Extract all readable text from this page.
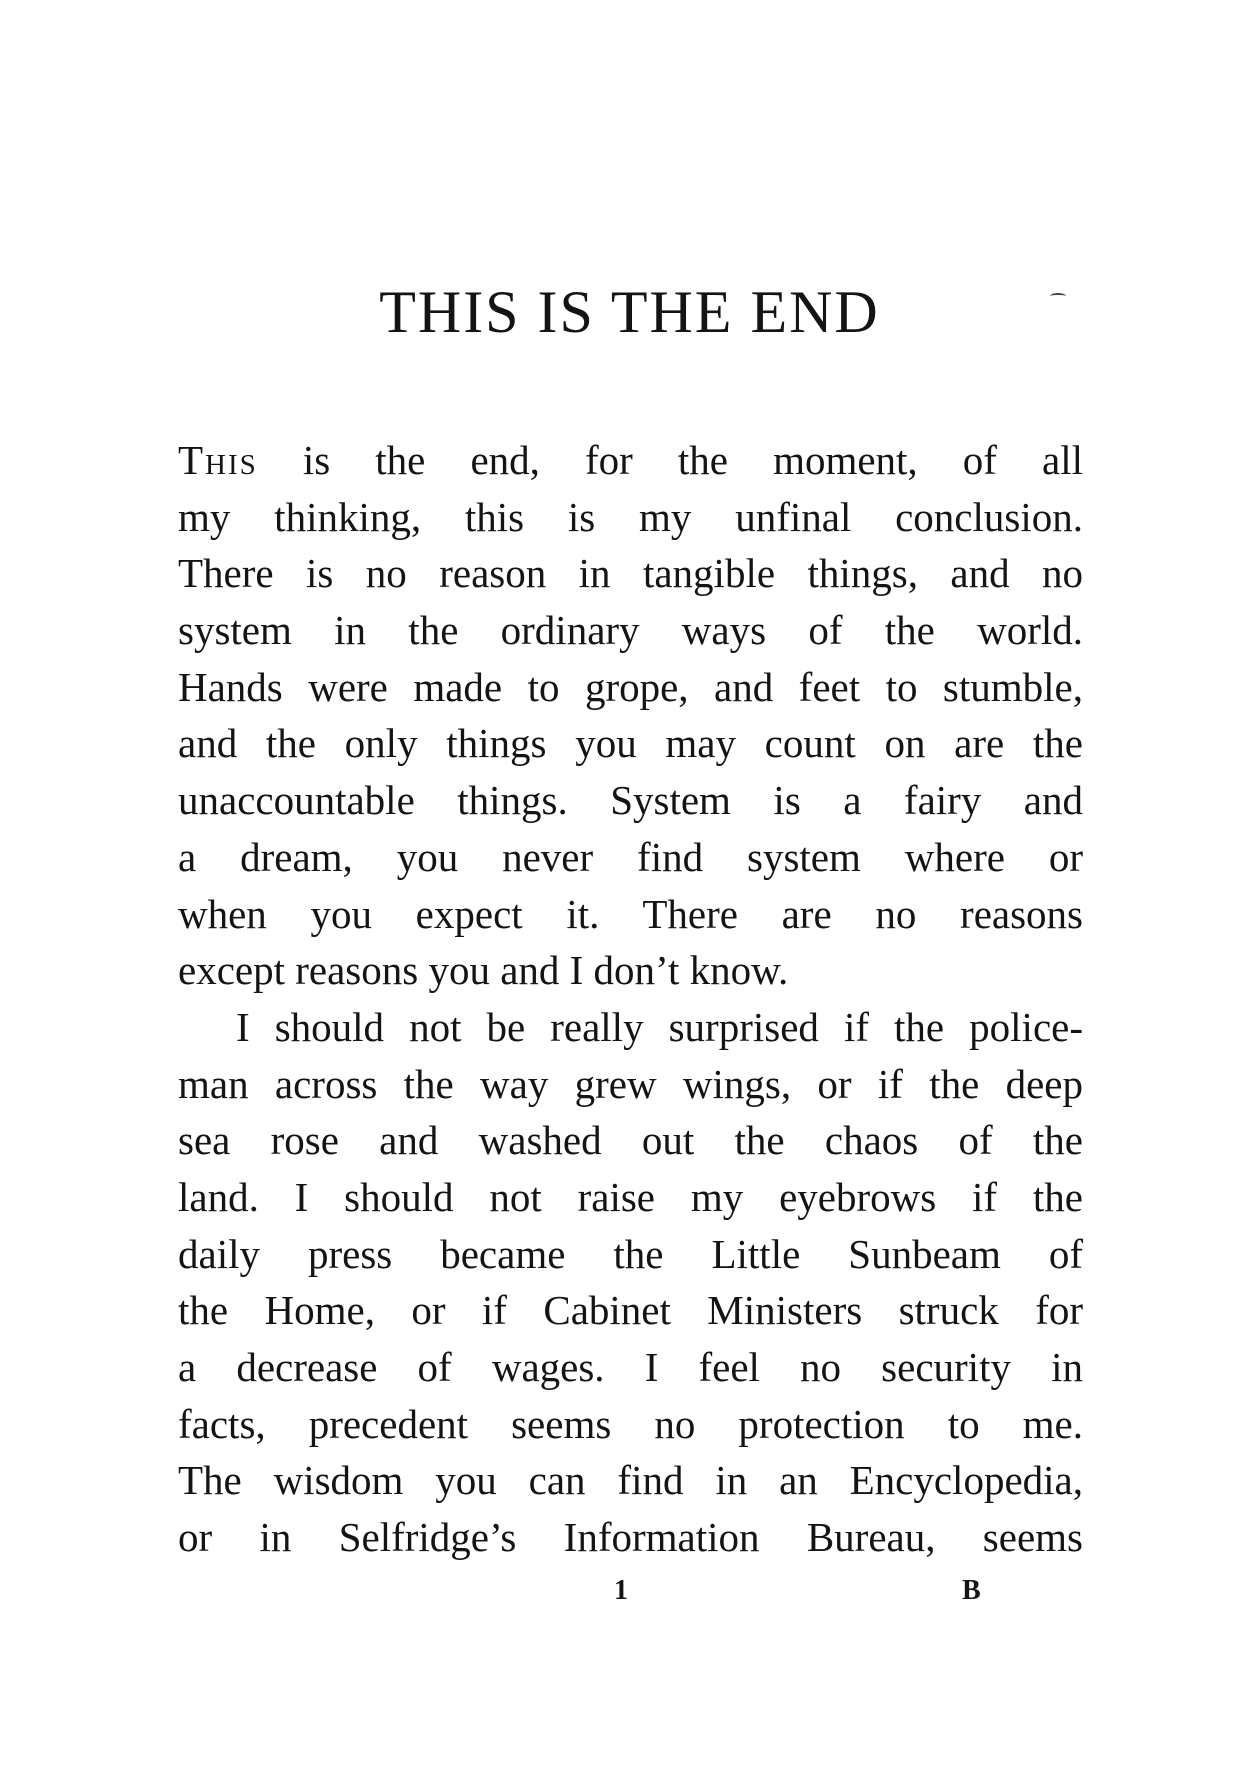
THIS IS THE END
This is the end, for the moment, of all
my thinking, this is my unfinal conclusion.
There is no reason in tangible things, and no
system in the ordinary ways of the world.
Hands were made to grope, and feet to stumble,
and the only things you may count on are the
unaccountable things. System is a fairy and
a dream, you never find system where or
when you expect it. There are no reasons
except reasons you and I don’t know.
I should not be really surprised if the police-
man across the way grew wings, or if the deep
sea rose and washed out the chaos of the
land. I should not raise my eyebrows if the
daily press became the Little Sunbeam of
the Home, or if Cabinet Ministers struck for
a decrease of wages. I feel no security in
facts, precedent seems no protection to me.
The wisdom you can find in an Encyclopedia,
or in Selfridge’s Information Bureau, seems
1	B
